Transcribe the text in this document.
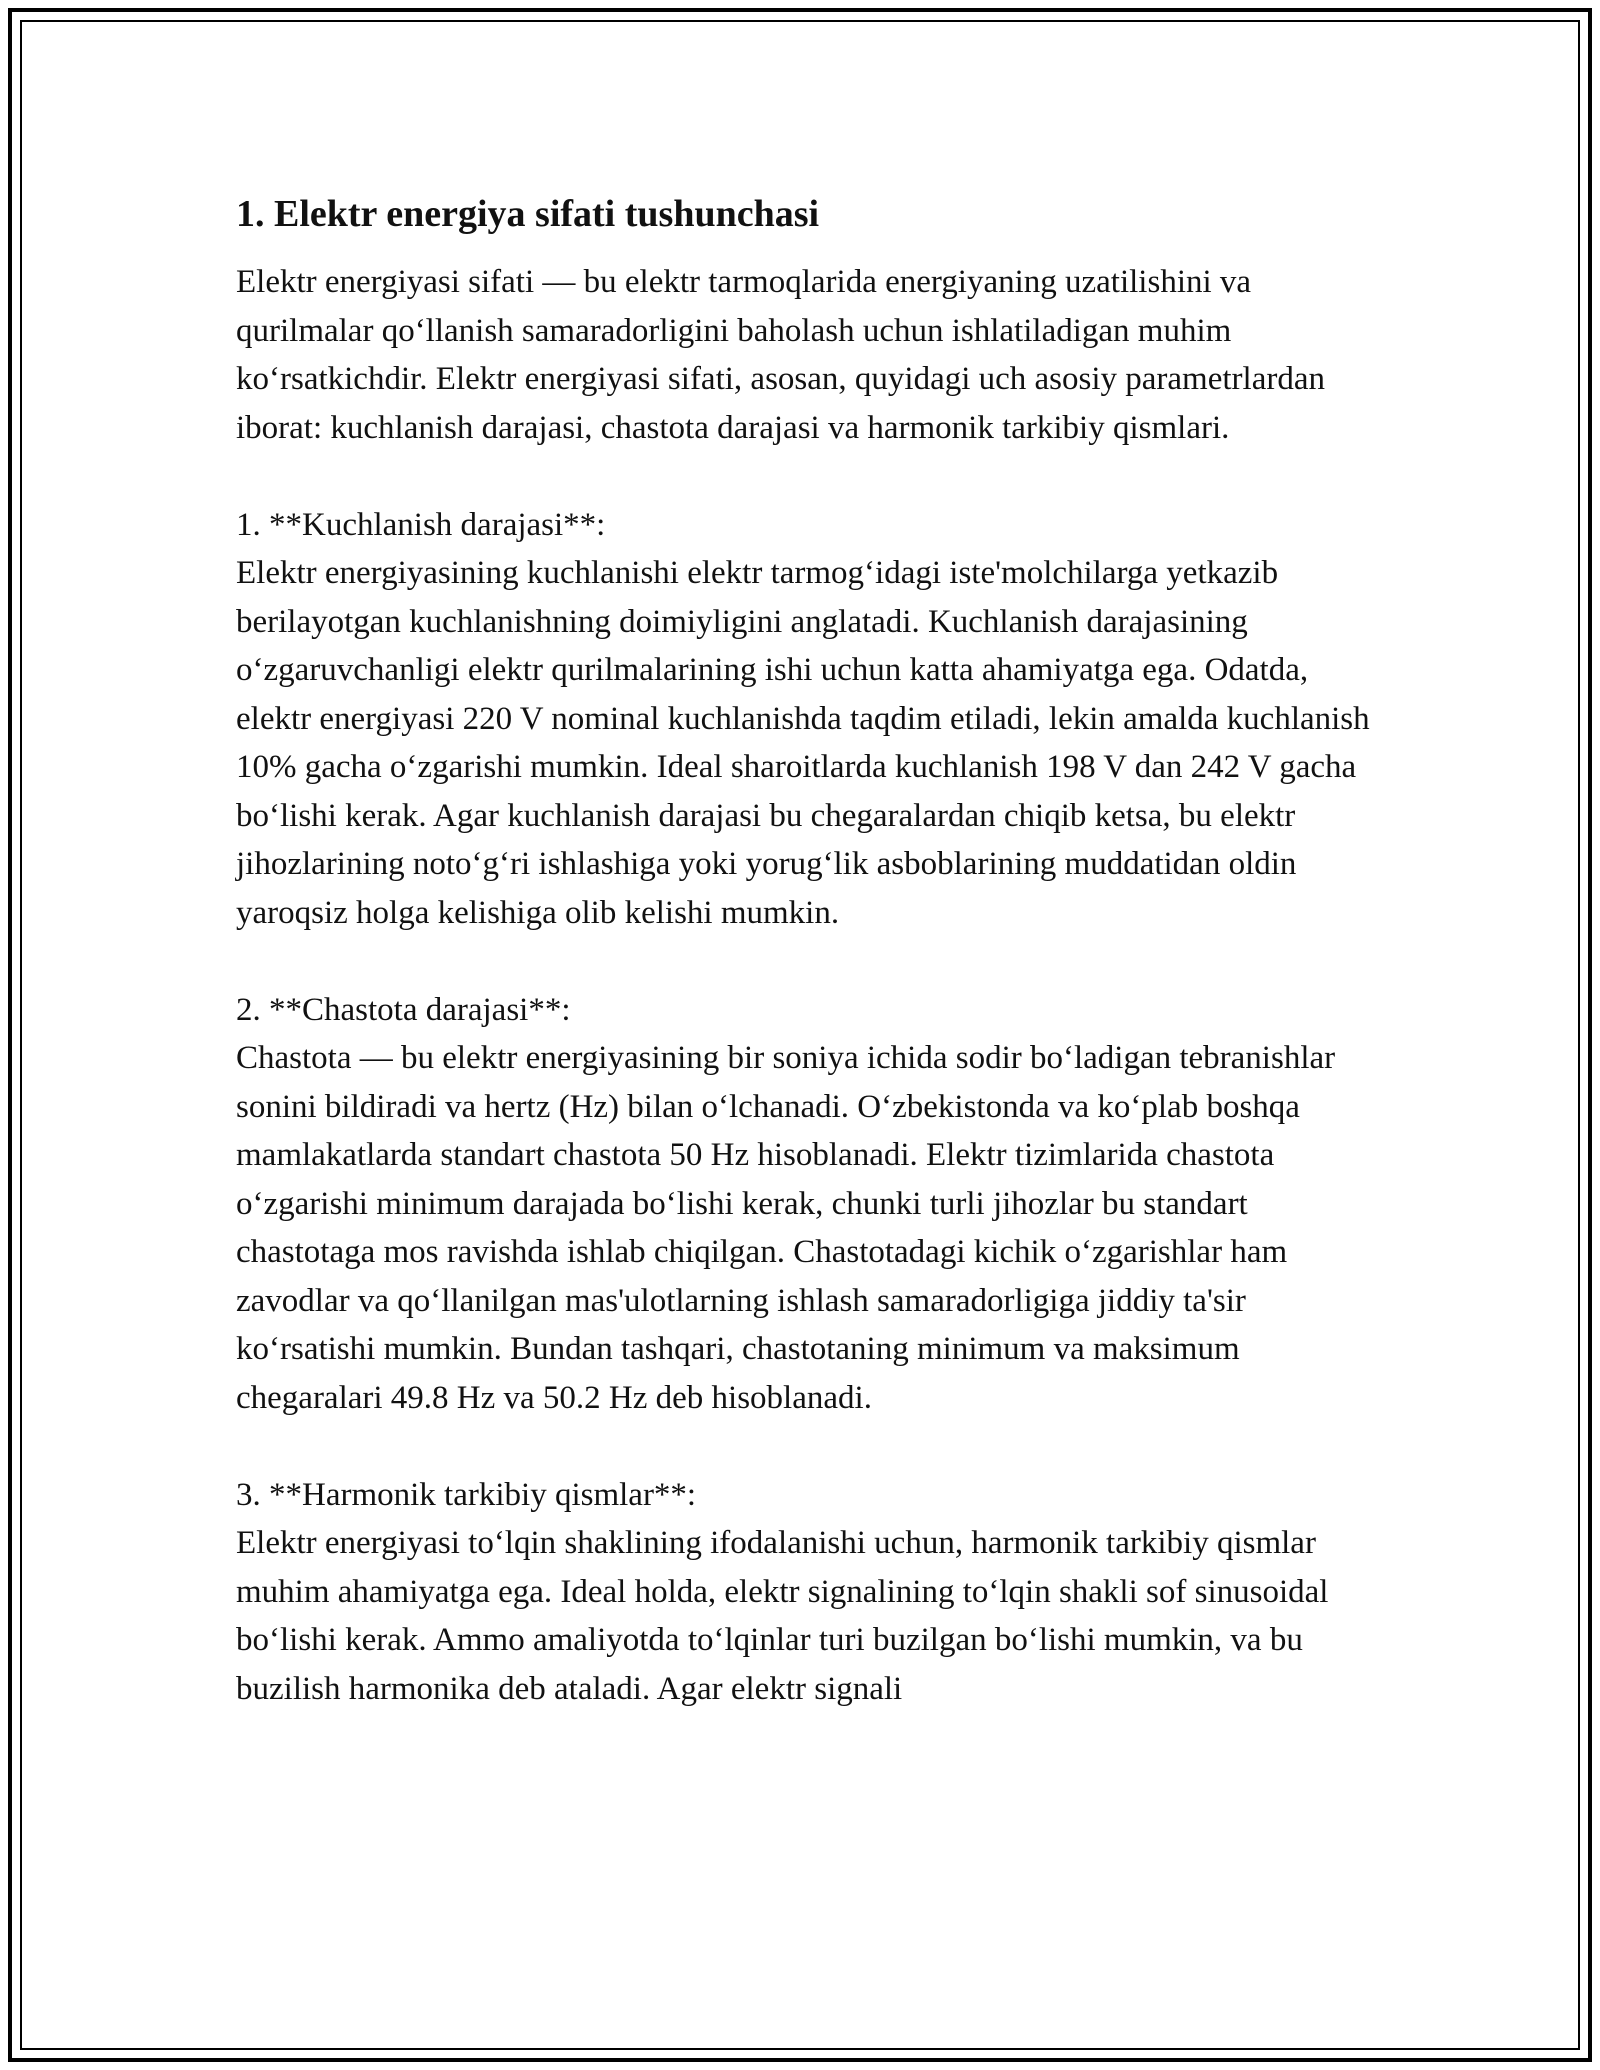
1. Elektr energiya sifati tushunchasi

Elektr energiyasi sifati — bu elektr tarmoqlarida energiyaning uzatilishini va qurilmalar qo‘llanish samaradorligini baholash uchun ishlatiladigan muhim ko‘rsatkichdir. Elektr energiyasi sifati, asosan, quyidagi uch asosiy parametrlardan iborat: kuchlanish darajasi, chastota darajasi va harmonik tarkibiy qismlari.

1. **Kuchlanish darajasi**:
Elektr energiyasining kuchlanishi elektr tarmog‘idagi iste'molchilarga yetkazib berilayotgan kuchlanishning doimiyligini anglatadi. Kuchlanish darajasining o‘zgaruvchanligi elektr qurilmalarining ishi uchun katta ahamiyatga ega. Odatda, elektr energiyasi 220 V nominal kuchlanishda taqdim etiladi, lekin amalda kuchlanish 10% gacha o‘zgarishi mumkin. Ideal sharoitlarda kuchlanish 198 V dan 242 V gacha bo‘lishi kerak. Agar kuchlanish darajasi bu chegaralardan chiqib ketsa, bu elektr jihozlarining noto‘g‘ri ishlashiga yoki yorug‘lik asboblarining muddatidan oldin yaroqsiz holga kelishiga olib kelishi mumkin.

2. **Chastota darajasi**:
Chastota — bu elektr energiyasining bir soniya ichida sodir bo‘ladigan tebranishlar sonini bildiradi va hertz (Hz) bilan o‘lchanadi. O‘zbekistonda va ko‘plab boshqa mamlakatlarda standart chastota 50 Hz hisoblanadi. Elektr tizimlarida chastota o‘zgarishi minimum darajada bo‘lishi kerak, chunki turli jihozlar bu standart chastotaga mos ravishda ishlab chiqilgan. Chastotadagi kichik o‘zgarishlar ham zavodlar va qo‘llanilgan mas'ulotlarning ishlash samaradorligiga jiddiy ta'sir ko‘rsatishi mumkin. Bundan tashqari, chastotaning minimum va maksimum chegaralari 49.8 Hz va 50.2 Hz deb hisoblanadi.

3. **Harmonik tarkibiy qismlar**:
Elektr energiyasi to‘lqin shaklining ifodalanishi uchun, harmonik tarkibiy qismlar muhim ahamiyatga ega. Ideal holda, elektr signalining to‘lqin shakli sof sinusoidal bo‘lishi kerak. Ammo amaliyotda to‘lqinlar turi buzilgan bo‘lishi mumkin, va bu buzilish harmonika deb ataladi. Agar elektr signali
